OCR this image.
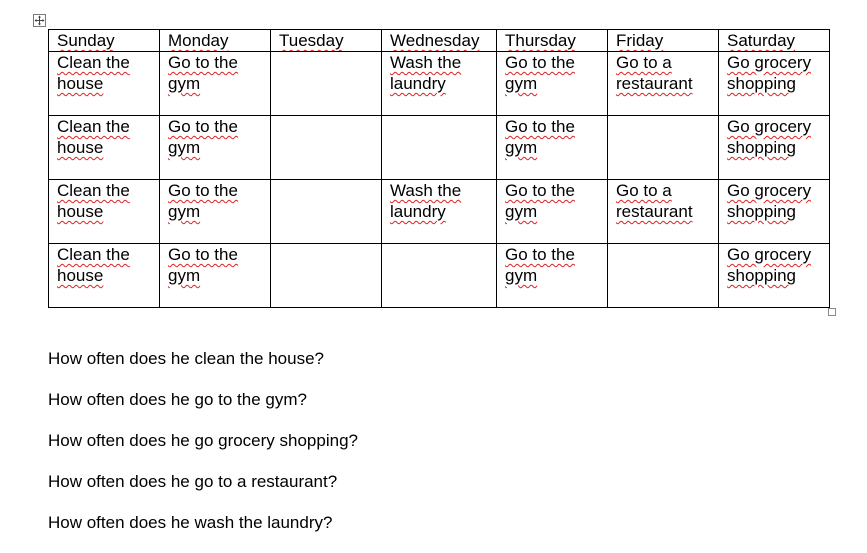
Sunday	Monday	Tuesday	Wednesday	Thursday	Friday	Saturday
Clean the house	Go to the gym		Wash the laundry	Go to the gym	Go to a restaurant	Go grocery shopping
Clean the house	Go to the gym			Go to the gym		Go grocery shopping
Clean the house	Go to the gym		Wash the laundry	Go to the gym	Go to a restaurant	Go grocery shopping
Clean the house	Go to the gym			Go to the gym		Go grocery shopping

How often does he clean the house?

How often does he go to the gym?

How often does he go grocery shopping?

How often does he go to a restaurant?

How often does he wash the laundry?
